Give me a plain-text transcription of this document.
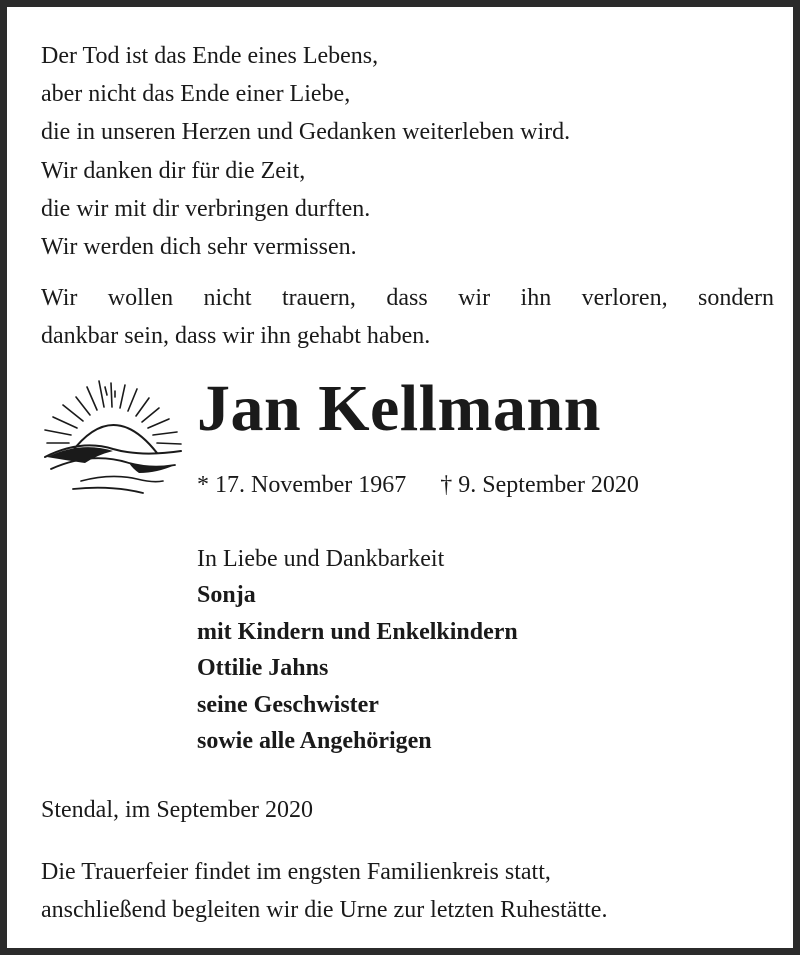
Der Tod ist das Ende eines Lebens,
aber nicht das Ende einer Liebe,
die in unseren Herzen und Gedanken weiterleben wird.
Wir danken dir für die Zeit,
die wir mit dir verbringen durften.
Wir werden dich sehr vermissen.
Wir wollen nicht trauern, dass wir ihn verloren, sondern
dankbar sein, dass wir ihn gehabt haben.
Jan Kellmann
* 17. November 1967 † 9. September 2020
In Liebe und Dankbarkeit
Sonja
mit Kindern und Enkelkindern
Ottilie Jahns
seine Geschwister
sowie alle Angehörigen
Stendal, im September 2020
Die Trauerfeier findet im engsten Familienkreis statt,
anschließend begleiten wir die Urne zur letzten Ruhestätte.
